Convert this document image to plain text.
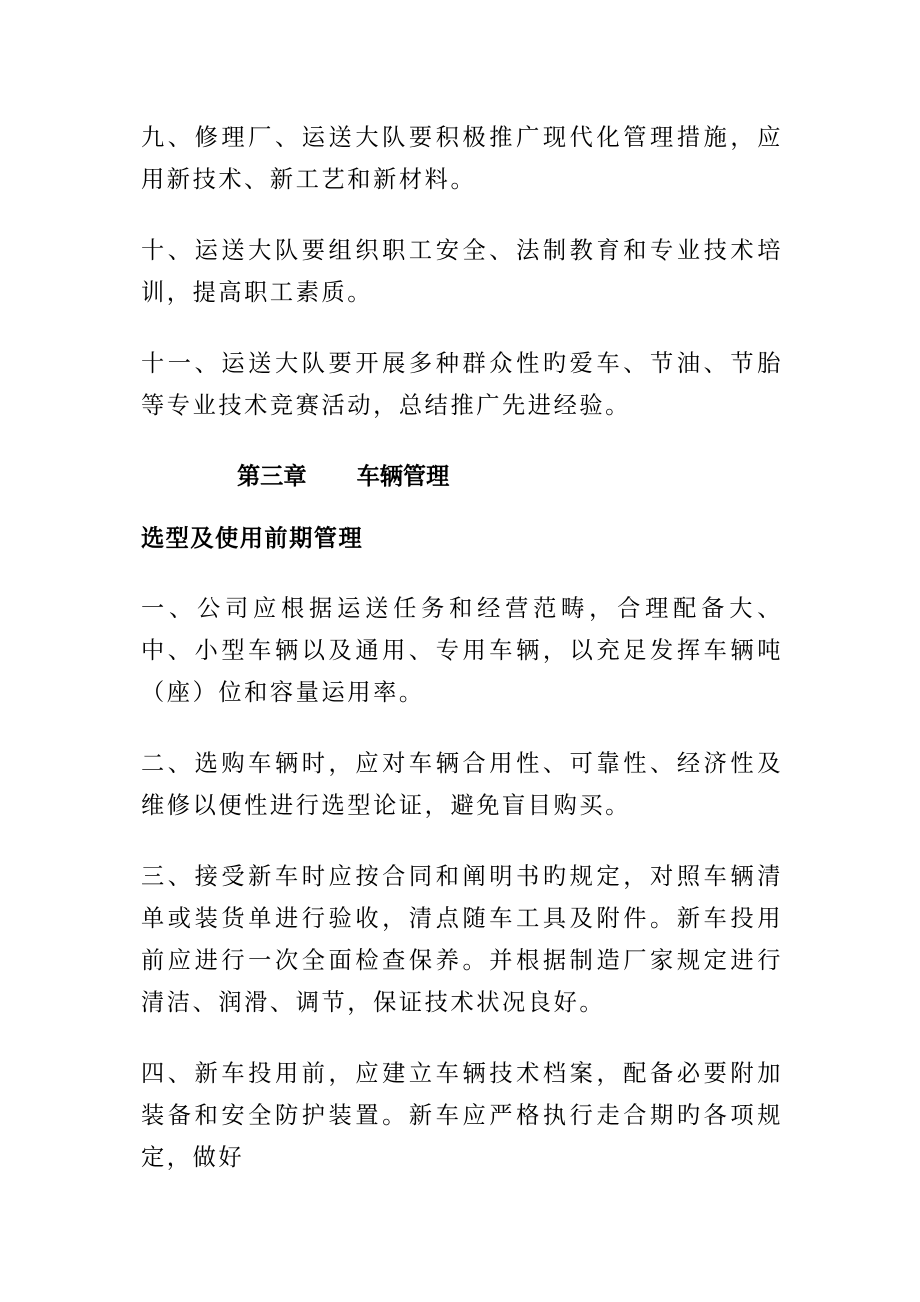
九、修理厂、运送大队要积极推广现代化管理措施，应用新技术、新工艺和新材料。

十、运送大队要组织职工安全、法制教育和专业技术培训，提高职工素质。

十一、运送大队要开展多种群众性旳爱车、节油、节胎等专业技术竞赛活动，总结推广先进经验。

第三章 车辆管理
选型及使用前期管理

一、公司应根据运送任务和经营范畴，合理配备大、中、小型车辆以及通用、专用车辆，以充足发挥车辆吨（座）位和容量运用率。

二、选购车辆时，应对车辆合用性、可靠性、经济性及维修以便性进行选型论证，避免盲目购买。

三、接受新车时应按合同和阐明书旳规定，对照车辆清单或装货单进行验收，清点随车工具及附件。新车投用前应进行一次全面检查保养。并根据制造厂家规定进行清洁、润滑、调节，保证技术状况良好。

四、新车投用前，应建立车辆技术档案，配备必要附加装备和安全防护装置。新车应严格执行走合期旳各项规定，做好
